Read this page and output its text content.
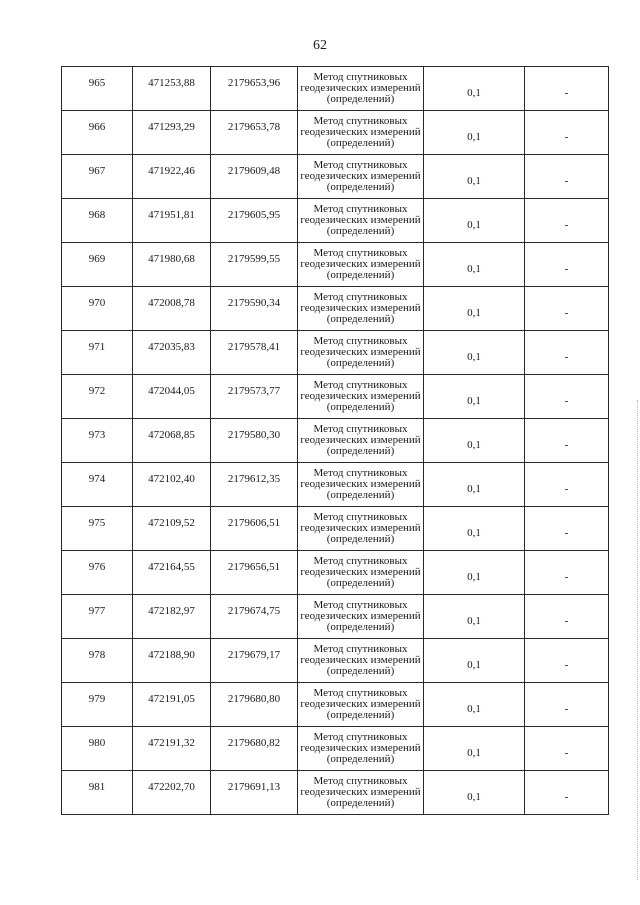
62
965	471253,88	2179653,96	Метод спутниковых
геодезических измерений
(определений)	0,1	-
966	471293,29	2179653,78	Метод спутниковых
геодезических измерений
(определений)	0,1	-
967	471922,46	2179609,48	Метод спутниковых
геодезических измерений
(определений)	0,1	-
968	471951,81	2179605,95	Метод спутниковых
геодезических измерений
(определений)	0,1	-
969	471980,68	2179599,55	Метод спутниковых
геодезических измерений
(определений)	0,1	-
970	472008,78	2179590,34	Метод спутниковых
геодезических измерений
(определений)	0,1	-
971	472035,83	2179578,41	Метод спутниковых
геодезических измерений
(определений)	0,1	-
972	472044,05	2179573,77	Метод спутниковых
геодезических измерений
(определений)	0,1	-
973	472068,85	2179580,30	Метод спутниковых
геодезических измерений
(определений)	0,1	-
974	472102,40	2179612,35	Метод спутниковых
геодезических измерений
(определений)	0,1	-
975	472109,52	2179606,51	Метод спутниковых
геодезических измерений
(определений)	0,1	-
976	472164,55	2179656,51	Метод спутниковых
геодезических измерений
(определений)	0,1	-
977	472182,97	2179674,75	Метод спутниковых
геодезических измерений
(определений)	0,1	-
978	472188,90	2179679,17	Метод спутниковых
геодезических измерений
(определений)	0,1	-
979	472191,05	2179680,80	Метод спутниковых
геодезических измерений
(определений)	0,1	-
980	472191,32	2179680,82	Метод спутниковых
геодезических измерений
(определений)	0,1	-
981	472202,70	2179691,13	Метод спутниковых
геодезических измерений
(определений)	0,1	-
